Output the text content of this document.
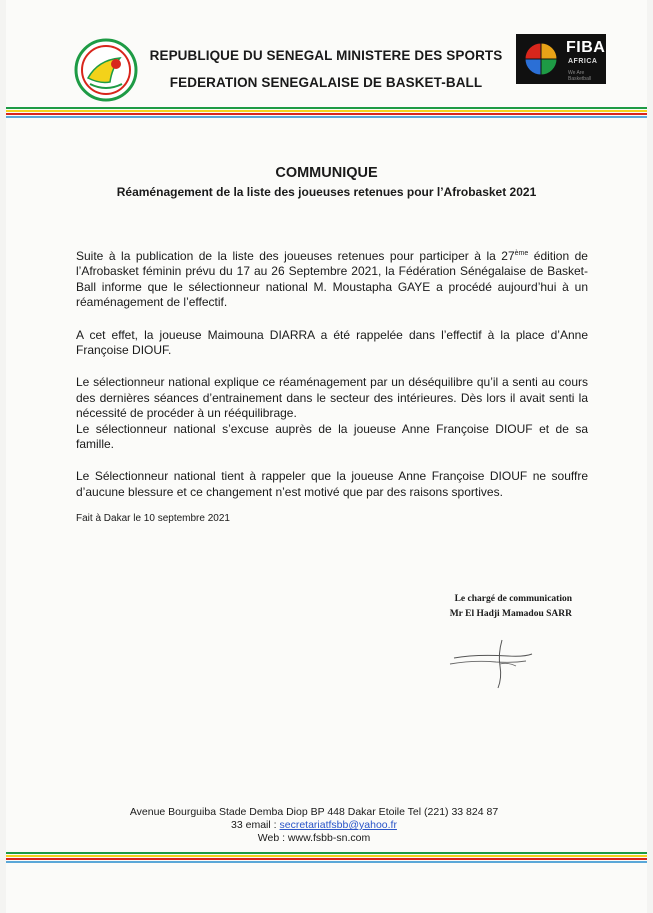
REPUBLIQUE DU SENEGAL MINISTERE DES SPORTS
FEDERATION SENEGALAISE DE BASKET-BALL
FIBA
AFRICA
We Are Basketball
COMMUNIQUE
Réaménagement de la liste des joueuses retenues pour l’Afrobasket 2021

Suite à la publication de la liste des joueuses retenues pour participer à la 27ème édition de l’Afrobasket féminin prévu du 17 au 26 Septembre 2021, la Fédération Sénégalaise de Basket-Ball informe que le sélectionneur national M. Moustapha GAYE a procédé aujourd’hui à un réaménagement de l’effectif.

A cet effet, la joueuse Maimouna DIARRA a été rappelée dans l’effectif à la place d’Anne Françoise DIOUF.

Le sélectionneur national explique ce réaménagement par un déséquilibre qu’il a senti au cours des dernières séances d’entrainement dans le secteur des intérieures. Dès lors il avait senti la nécessité de procéder à un rééquilibrage.

Le sélectionneur national s’excuse auprès de la joueuse Anne Françoise DIOUF et de sa famille.

Le Sélectionneur national tient à rappeler que la joueuse Anne Françoise DIOUF ne souffre d’aucune blessure et ce changement n’est motivé que par des raisons sportives.

Fait à Dakar le 10 septembre 2021
Le chargé de communication
Mr El Hadji Mamadou SARR
Avenue Bourguiba Stade Demba Diop BP 448 Dakar Etoile Tel (221) 33 824 87
33 email : secretariatfsbb@yahoo.fr
Web : www.fsbb-sn.com
